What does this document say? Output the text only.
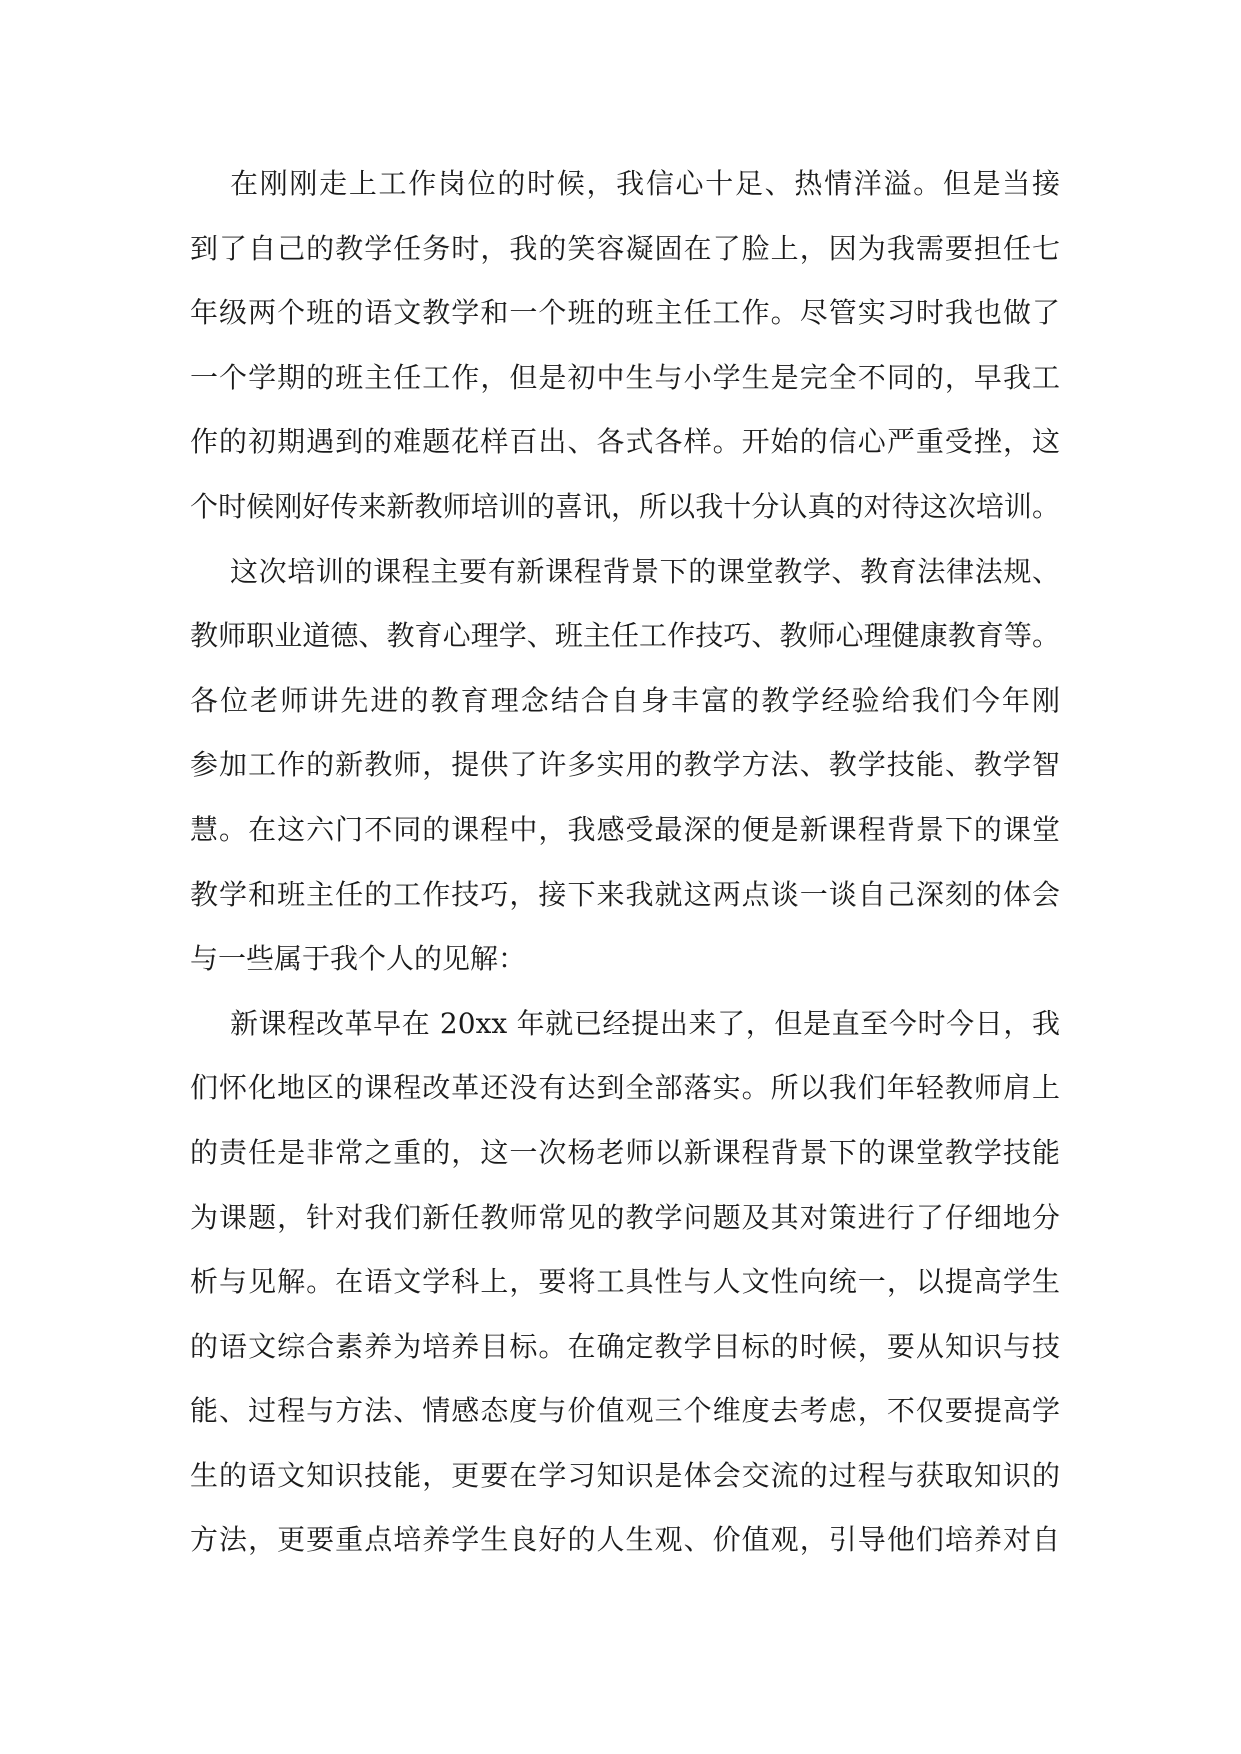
在刚刚走上工作岗位的时候，我信心十足、热情洋溢。但是当接
到了自己的教学任务时，我的笑容凝固在了脸上，因为我需要担任七
年级两个班的语文教学和一个班的班主任工作。尽管实习时我也做了
一个学期的班主任工作，但是初中生与小学生是完全不同的，早我工
作的初期遇到的难题花样百出、各式各样。开始的信心严重受挫，这
个时候刚好传来新教师培训的喜讯，所以我十分认真的对待这次培训。
这次培训的课程主要有新课程背景下的课堂教学、教育法律法规、
教师职业道德、教育心理学、班主任工作技巧、教师心理健康教育等。
各位老师讲先进的教育理念结合自身丰富的教学经验给我们今年刚
参加工作的新教师，提供了许多实用的教学方法、教学技能、教学智
慧。在这六门不同的课程中，我感受最深的便是新课程背景下的课堂
教学和班主任的工作技巧，接下来我就这两点谈一谈自己深刻的体会
与一些属于我个人的见解：
新课程改革早在 20xx 年就已经提出来了，但是直至今时今日，我
们怀化地区的课程改革还没有达到全部落实。所以我们年轻教师肩上
的责任是非常之重的，这一次杨老师以新课程背景下的课堂教学技能
为课题，针对我们新任教师常见的教学问题及其对策进行了仔细地分
析与见解。在语文学科上，要将工具性与人文性向统一，以提高学生
的语文综合素养为培养目标。在确定教学目标的时候，要从知识与技
能、过程与方法、情感态度与价值观三个维度去考虑，不仅要提高学
生的语文知识技能，更要在学习知识是体会交流的过程与获取知识的
方法，更要重点培养学生良好的人生观、价值观，引导他们培养对自
